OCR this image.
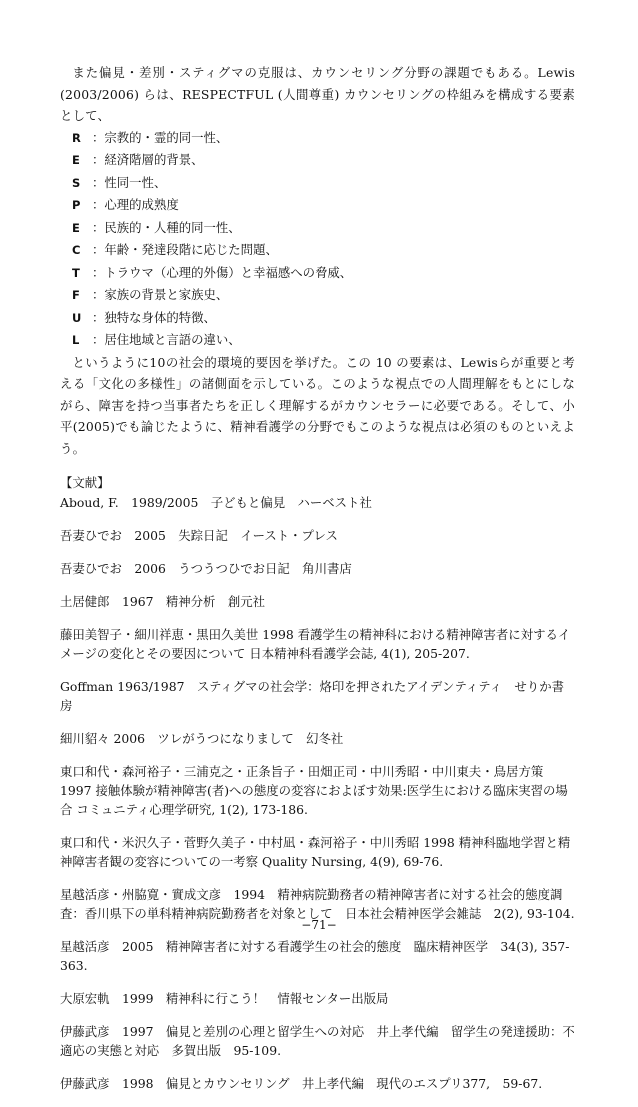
また偏見・差別・スティグマの克服は、カウンセリング分野の課題でもある。Lewis (2003/2006) らは、RESPECTFUL (人間尊重) カウンセリングの枠組みを構成する要素として、

R ：宗教的・霊的同一性、
E ：経済階層的背景、
S ：性同一性、
P ：心理的成熟度
E ：民族的・人種的同一性、
C ：年齢・発達段階に応じた問題、
T ：トラウマ（心理的外傷）と幸福感への脅威、
F ：家族の背景と家族史、
U ：独特な身体的特徴、
L ：居住地域と言語の違い、

というように10の社会的環境的要因を挙げた。この 10 の要素は、Lewisらが重要と考える「文化の多様性」の諸側面を示している。このような視点での人間理解をもとにしながら、障害を持つ当事者たちを正しく理解するがカウンセラーに必要である。そして、小平(2005)でも論じたように、精神看護学の分野でもこのような視点は必須のものといえよう。

【文献】

Aboud, F.　1989/2005　子どもと偏見　ハーベスト社

吾妻ひでお　2005　失踪日記　イースト・プレス

吾妻ひでお　2006　うつうつひでお日記　角川書店

土居健郎　1967　精神分析　創元社

藤田美智子・細川祥恵・黒田久美世 1998 看護学生の精神科における精神障害者に対するイメージの変化とその要因について 日本精神科看護学会誌, 4(1), 205-207.

Goffman 1963/1987　スティグマの社会学：烙印を押されたアイデンティティ　せりか書房

細川貂々 2006　ツレがうつになりまして　幻冬社

東口和代・森河裕子・三浦克之・正条旨子・田畑正司・中川秀昭・中川東夫・鳥居方策 1997 接触体験が精神障害(者)への態度の変容におよぼす効果:医学生における臨床実習の場合 コミュニティ心理学研究, 1(2), 173-186.

東口和代・米沢久子・菅野久美子・中村凪・森河裕子・中川秀昭 1998 精神科臨地学習と精神障害者観の変容についての一考察 Quality Nursing, 4(9), 69-76.

星越活彦・州脇寛・實成文彦　1994　精神病院勤務者の精神障害者に対する社会的態度調査：香川県下の単科精神病院勤務者を対象として　日本社会精神医学会雑誌　2(2), 93-104.

星越活彦　2005　精神障害者に対する看護学生の社会的態度　臨床精神医学　34(3), 357-363.

大原宏軌　1999　精神科に行こう！　情報センター出版局

伊藤武彦　1997　偏見と差別の心理と留学生への対応　井上孝代編　留学生の発達援助：不適応の実態と対応　多賀出版　95-109.

伊藤武彦　1998　偏見とカウンセリング　井上孝代編　現代のエスプリ377,　59-67.

−71−
